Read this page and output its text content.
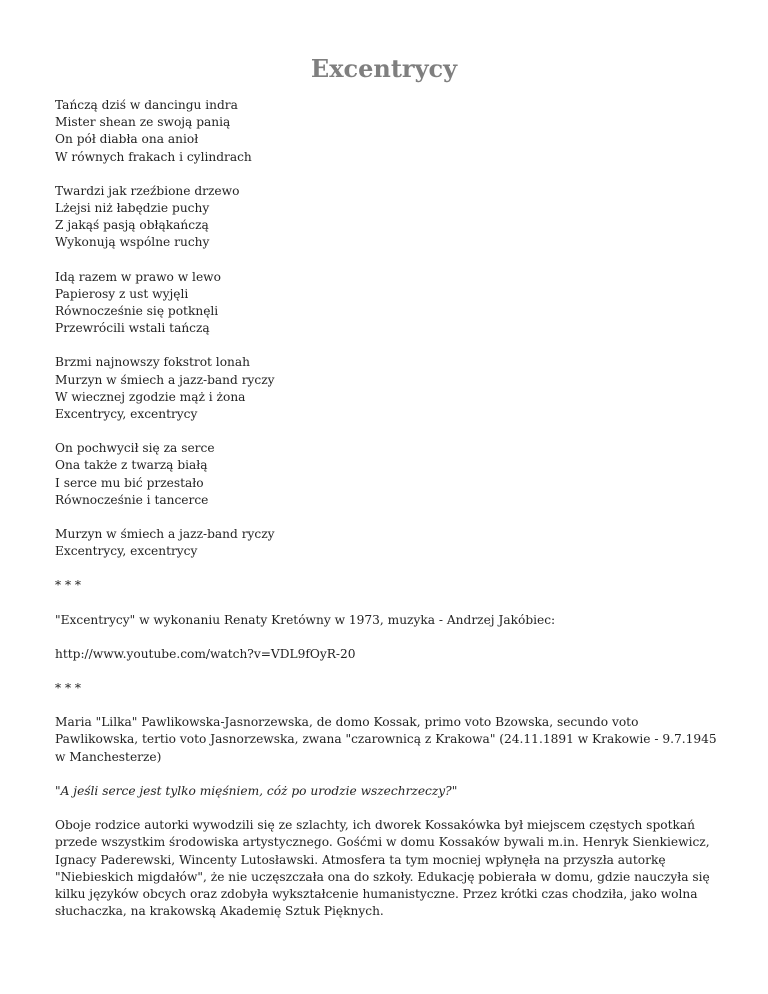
Excentrycy
Tańczą dziś w dancingu indra
Mister shean ze swoją panią
On pół diabła ona anioł
W równych frakach i cylindrach
Twardzi jak rzeźbione drzewo
Lżejsi niż łabędzie puchy
Z jakąś pasją obłąkańczą
Wykonują wspólne ruchy
Idą razem w prawo w lewo
Papierosy z ust wyjęli
Równocześnie się potknęli
Przewrócili wstali tańczą
Brzmi najnowszy fokstrot lonah
Murzyn w śmiech a jazz-band ryczy
W wiecznej zgodzie mąż i żona
Excentrycy, excentrycy
On pochwycił się za serce
Ona także z twarzą białą
I serce mu bić przestało
Równocześnie i tancerce
Murzyn w śmiech a jazz-band ryczy
Excentrycy, excentrycy
* * *
"Excentrycy" w wykonaniu Renaty Kretówny w 1973, muzyka - Andrzej Jakóbiec:
http://www.youtube.com/watch?v=VDL9fOyR-20
* * *
Maria "Lilka" Pawlikowska-Jasnorzewska, de domo Kossak, primo voto Bzowska, secundo voto Pawlikowska, tertio voto Jasnorzewska, zwana "czarownicą z Krakowa" (24.11.1891 w Krakowie - 9.7.1945 w Manchesterze)
"A jeśli serce jest tylko mięśniem, cóż po urodzie wszechrzeczy?"
Oboje rodzice autorki wywodzili się ze szlachty, ich dworek Kossakówka był miejscem częstych spotkań przede wszystkim środowiska artystycznego. Gośćmi w domu Kossaków bywali m.in. Henryk Sienkiewicz, Ignacy Paderewski, Wincenty Lutosławski. Atmosfera ta tym mocniej wpłynęła na przyszła autorkę "Niebieskich migdałów", że nie uczęszczała ona do szkoły. Edukację pobierała w domu, gdzie nauczyła się kilku języków obcych oraz zdobyła wykształcenie humanistyczne. Przez krótki czas chodziła, jako wolna słuchaczka, na krakowską Akademię Sztuk Pięknych.
